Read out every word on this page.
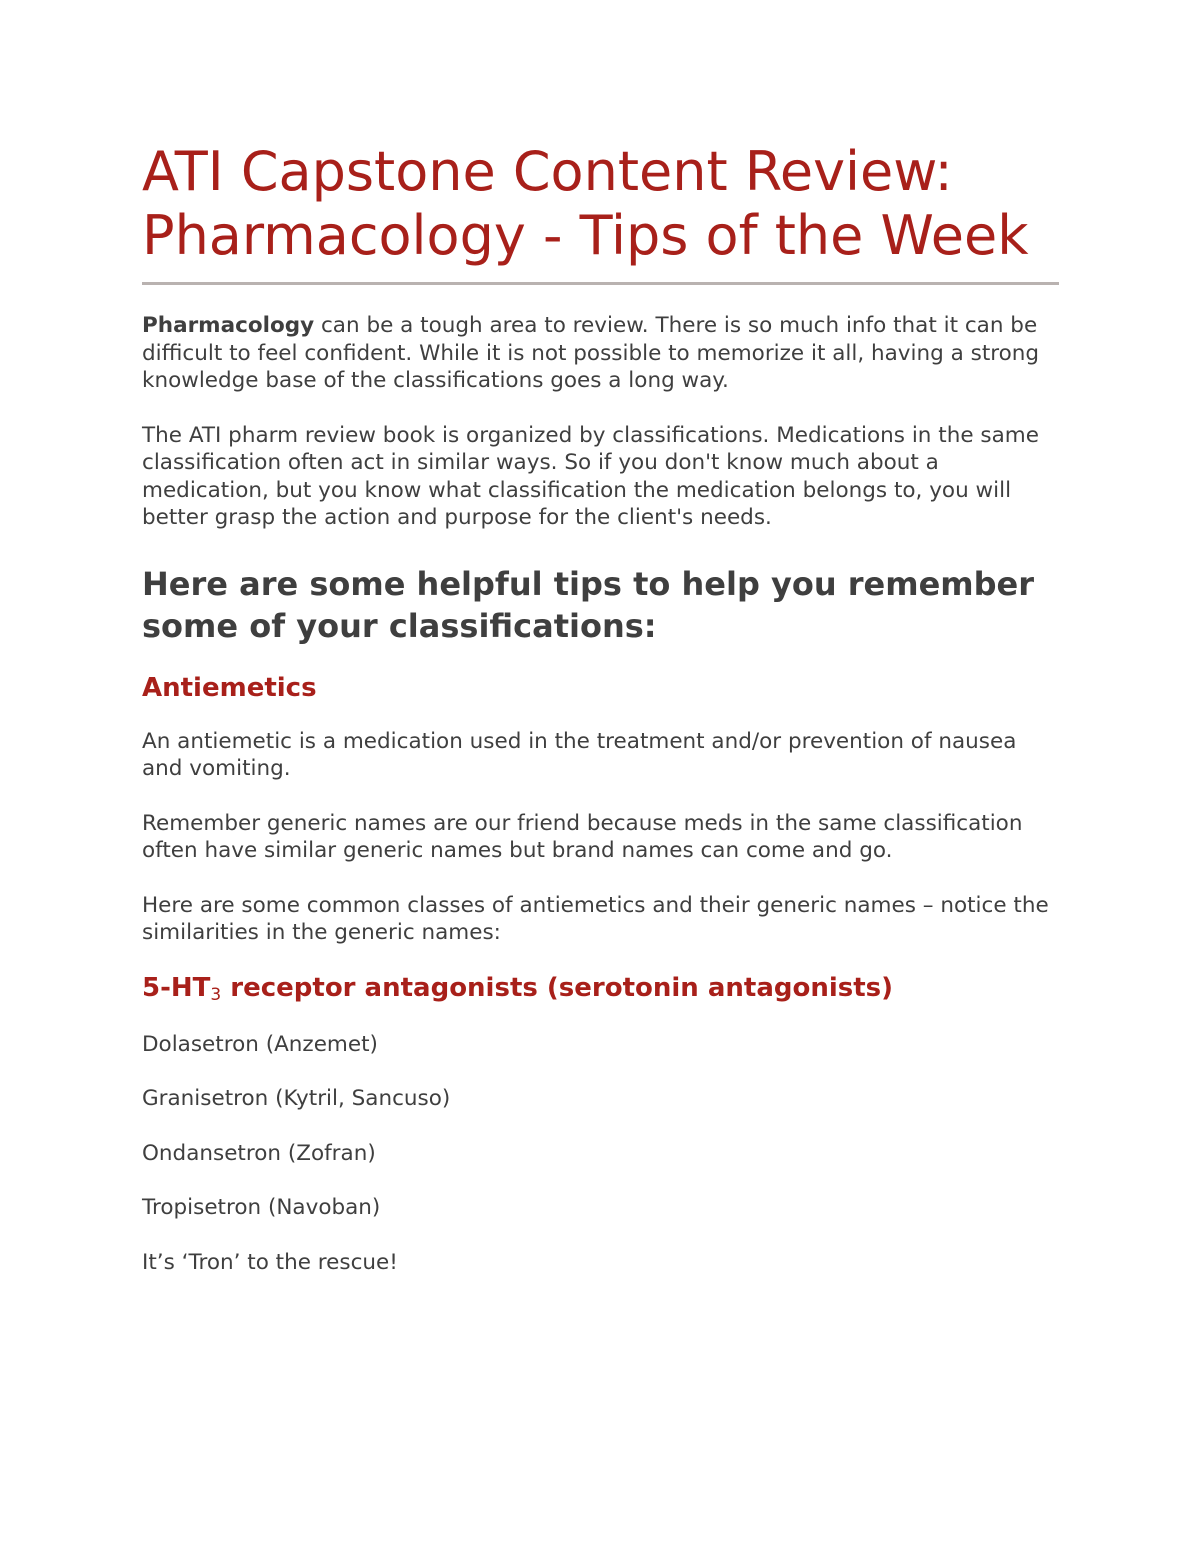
ATI Capstone Content Review: Pharmacology - Tips of the Week

Pharmacology can be a tough area to review. There is so much info that it can be difficult to feel confident. While it is not possible to memorize it all, having a strong knowledge base of the classifications goes a long way.

The ATI pharm review book is organized by classifications. Medications in the same classification often act in similar ways. So if you don't know much about a medication, but you know what classification the medication belongs to, you will better grasp the action and purpose for the client's needs.

Here are some helpful tips to help you remember some of your classifications:
Antiemetics

An antiemetic is a medication used in the treatment and/or prevention of nausea and vomiting.

Remember generic names are our friend because meds in the same classification often have similar generic names but brand names can come and go.

Here are some common classes of antiemetics and their generic names – notice the similarities in the generic names:

$5-HT_3$ receptor antagonists (serotonin antagonists)

Dolasetron (Anzemet)

Granisetron (Kytril, Sancuso)

Ondansetron (Zofran)

Tropisetron (Navoban)

It’s ‘Tron’ to the rescue!
